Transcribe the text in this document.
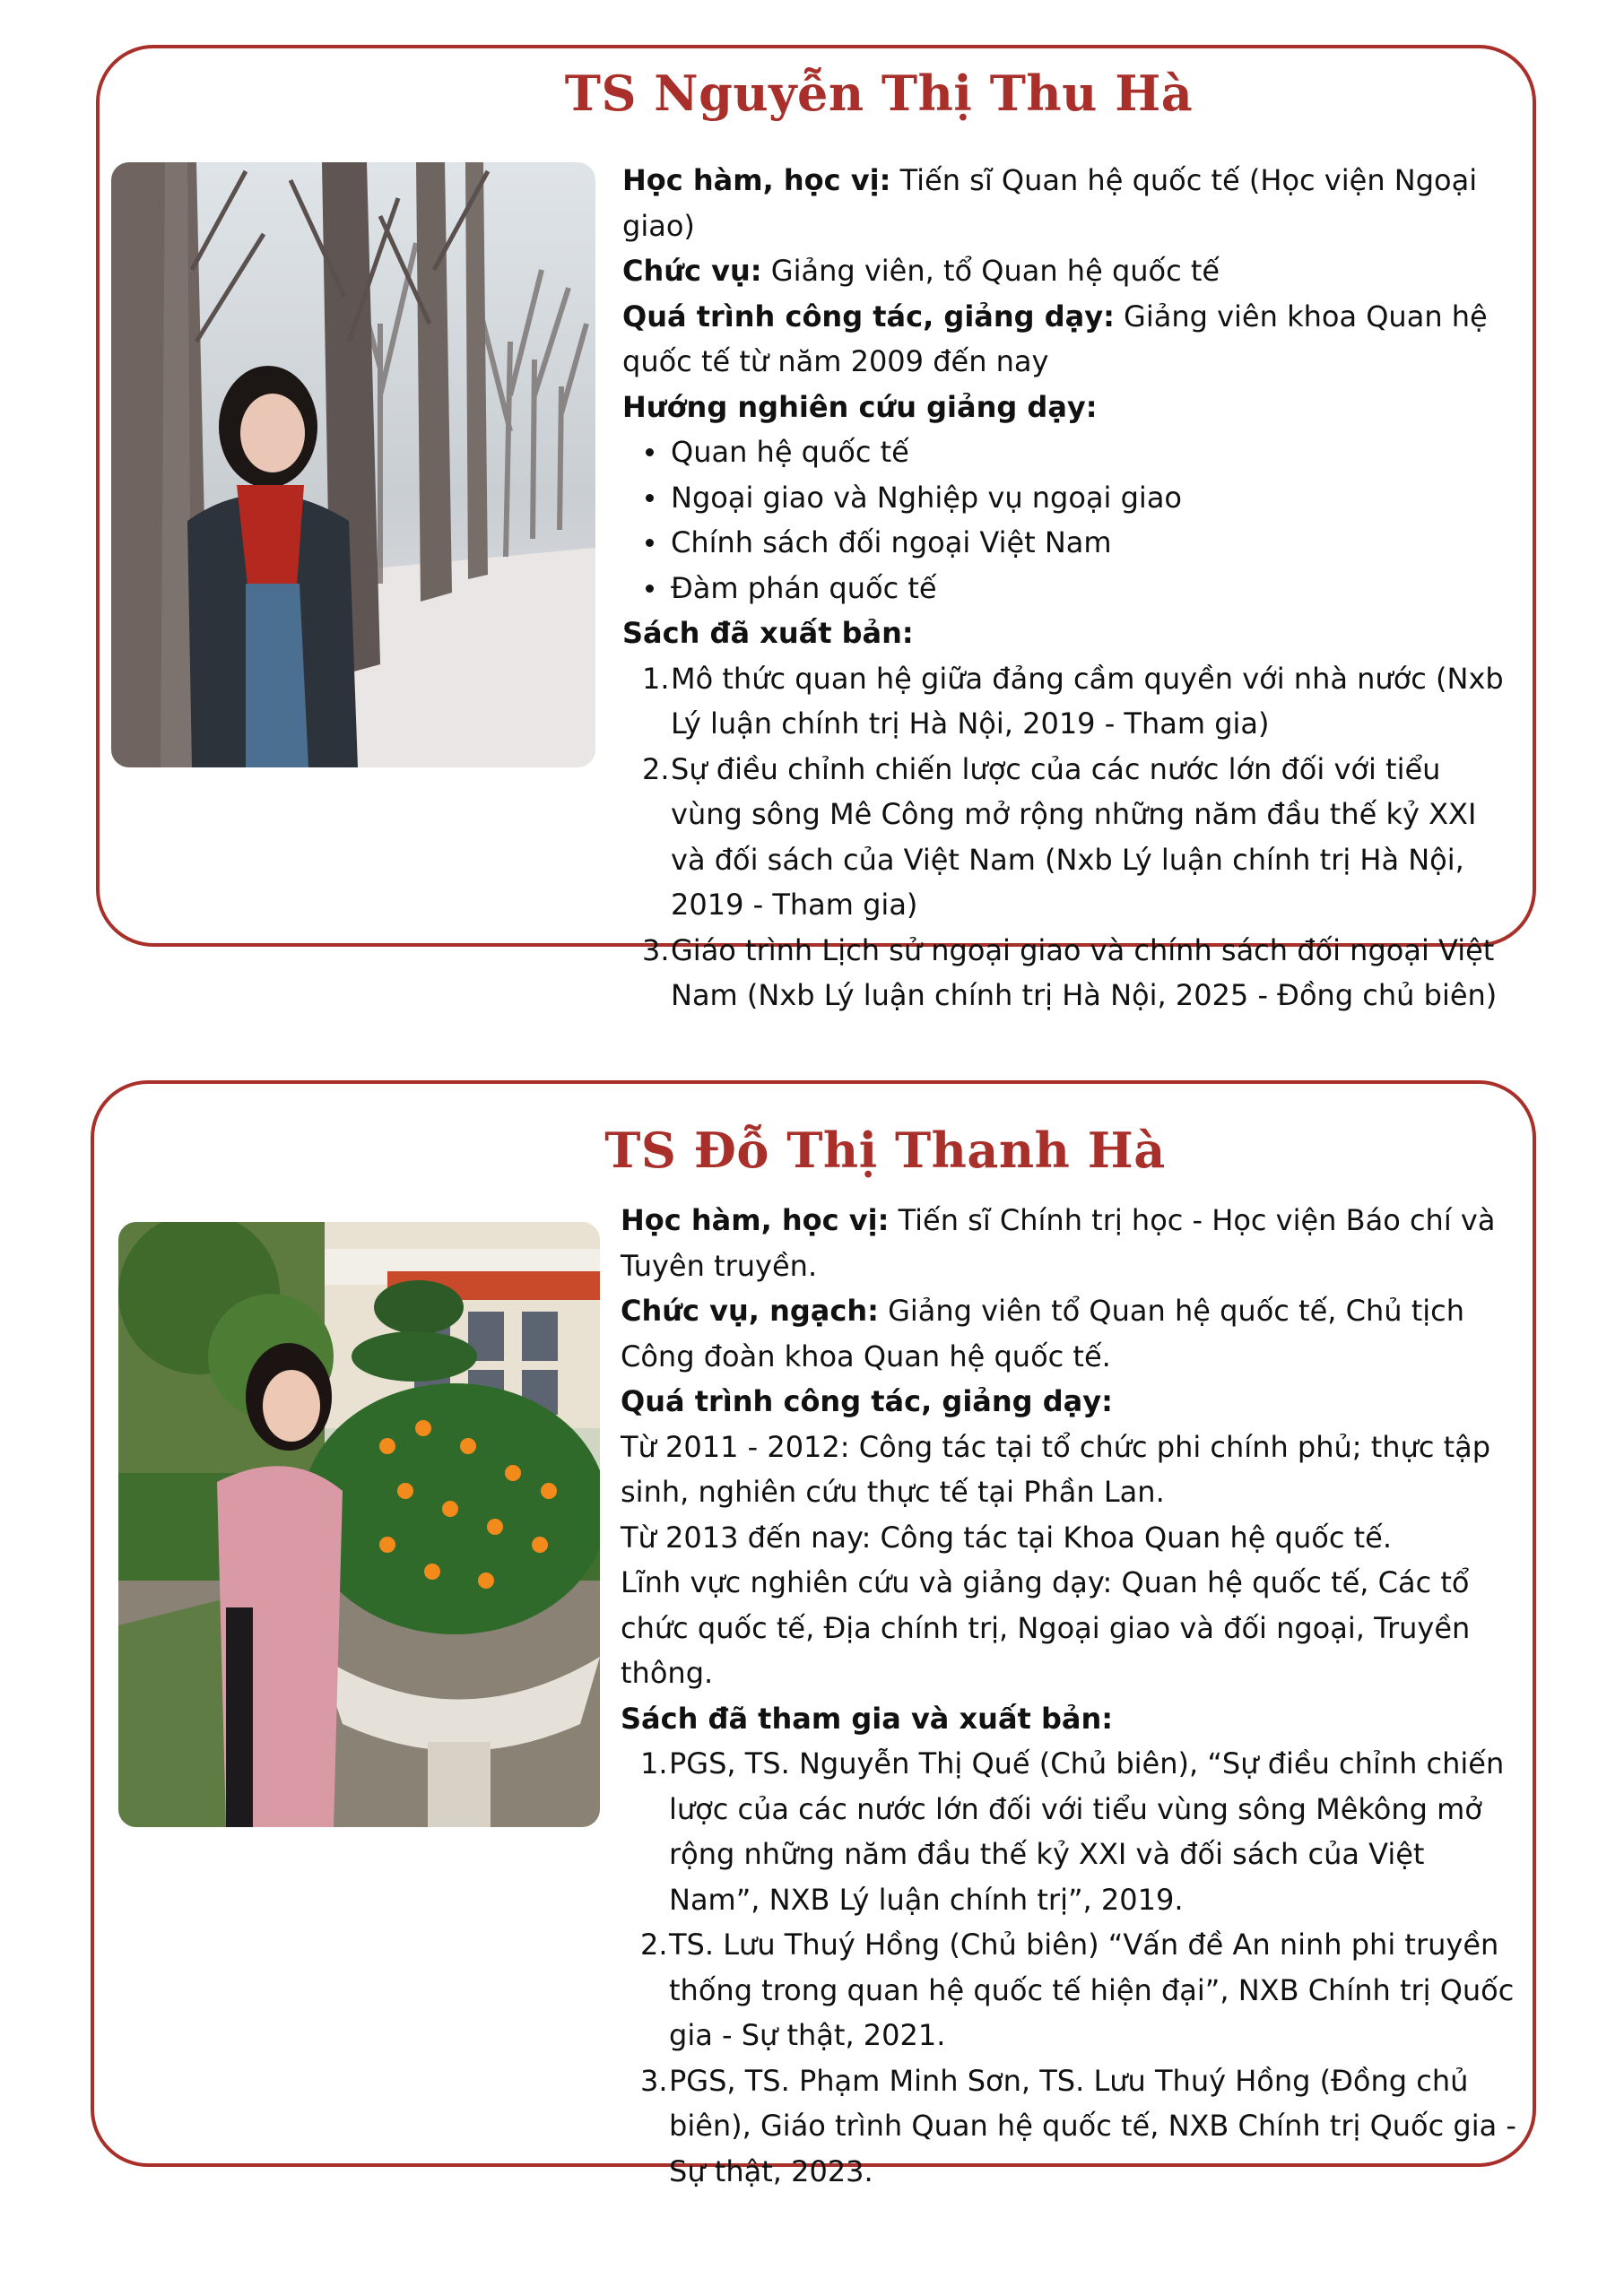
TS Nguyễn Thị Thu Hà

Học hàm, học vị: Tiến sĩ Quan hệ quốc tế (Học viện Ngoại giao)

Chức vụ: Giảng viên, tổ Quan hệ quốc tế

Quá trình công tác, giảng dạy: Giảng viên khoa Quan hệ quốc tế từ năm 2009 đến nay

Hướng nghiên cứu giảng dạy:

Quan hệ quốc tế
Ngoại giao và Nghiệp vụ ngoại giao
Chính sách đối ngoại Việt Nam
Đàm phán quốc tế

Sách đã xuất bản:

1. Mô thức quan hệ giữa đảng cầm quyền với nhà nước (Nxb Lý luận chính trị Hà Nội, 2019 - Tham gia)
2. Sự điều chỉnh chiến lược của các nước lớn đối với tiểu vùng sông Mê Công mở rộng những năm đầu thế kỷ XXI và đối sách của Việt Nam (Nxb Lý luận chính trị Hà Nội, 2019 - Tham gia)
3. Giáo trình Lịch sử ngoại giao và chính sách đối ngoại Việt Nam (Nxb Lý luận chính trị Hà Nội, 2025 - Đồng chủ biên)
TS Đỗ Thị Thanh Hà

Học hàm, học vị: Tiến sĩ Chính trị học - Học viện Báo chí và Tuyên truyền.

Chức vụ, ngạch: Giảng viên tổ Quan hệ quốc tế, Chủ tịch Công đoàn khoa Quan hệ quốc tế.

Quá trình công tác, giảng dạy:

Từ 2011 - 2012: Công tác tại tổ chức phi chính phủ; thực tập sinh, nghiên cứu thực tế tại Phần Lan.

Từ 2013 đến nay: Công tác tại Khoa Quan hệ quốc tế.

Lĩnh vực nghiên cứu và giảng dạy: Quan hệ quốc tế, Các tổ chức quốc tế, Địa chính trị, Ngoại giao và đối ngoại, Truyền thông.

Sách đã tham gia và xuất bản:

1. PGS, TS. Nguyễn Thị Quế (Chủ biên), “Sự điều chỉnh chiến lược của các nước lớn đối với tiểu vùng sông Mêkông mở rộng những năm đầu thế kỷ XXI và đối sách của Việt Nam”, NXB Lý luận chính trị”, 2019.
2. TS. Lưu Thuý Hồng (Chủ biên) “Vấn đề An ninh phi truyền thống trong quan hệ quốc tế hiện đại”, NXB Chính trị Quốc gia - Sự thật, 2021.
3. PGS, TS. Phạm Minh Sơn, TS. Lưu Thuý Hồng (Đồng chủ biên), Giáo trình Quan hệ quốc tế, NXB Chính trị Quốc gia - Sự thật, 2023.
